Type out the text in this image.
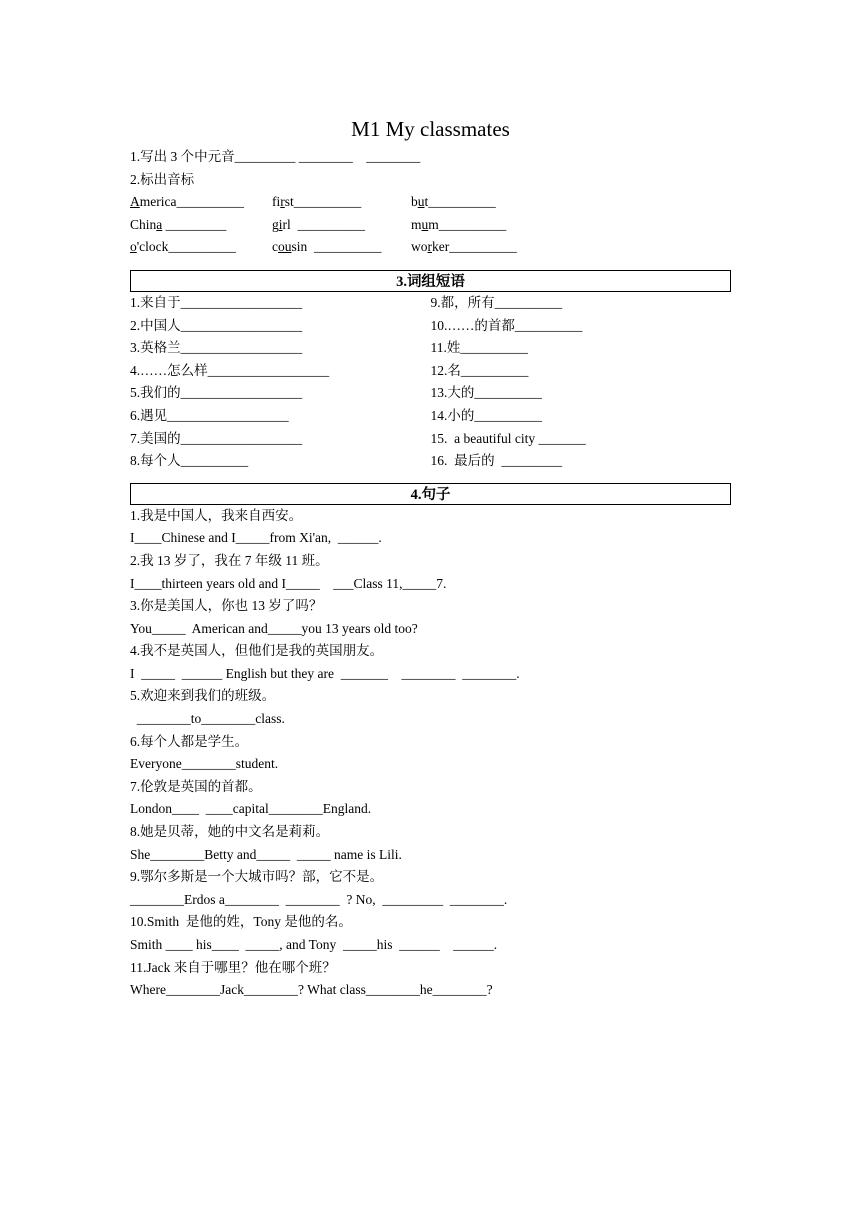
M1 My classmates
1.写出 3 个中元音_________ ________    ________
2.标出音标
America__________	first__________	but__________
China _________	girl  __________	mum__________
o'clock__________	cousin  __________	worker__________
3.词组短语
1.来自于__________________	9.都，所有__________
2.中国人__________________	10.……的首都__________
3.英格兰__________________	11.姓__________
4.……怎么样__________________	12.名__________
5.我们的__________________	13.大的__________
6.遇见__________________	14.小的__________
7.美国的__________________	15.  a beautiful city _______
8.每个人__________	16.  最后的  _________
4.句子
1.我是中国人，我来自西安。
I____Chinese and I_____from Xi'an,  ______.
2.我 13 岁了，我在 7 年级 11 班。
I____thirteen years old and I_____    ___Class 11,_____7.
3.你是美国人，你也 13 岁了吗？
You_____  American and_____you 13 years old too?
4.我不是英国人，但他们是我的英国朋友。
I  _____  ______ English but they are  _______    ________  ________.
5.欢迎来到我们的班级。
________to________class.
6.每个人都是学生。
Everyone________student.
7.伦敦是英国的首都。
London____  ____capital________England.
8.她是贝蒂，她的中文名是莉莉。
She________Betty and_____  _____ name is Lili.
9.鄂尔多斯是一个大城市吗？部，它不是。
________Erdos a________  ________  ? No,  _________  ________.
10.Smith  是他的姓，Tony 是他的名。
Smith ____ his____  _____, and Tony  _____his  ______    ______.
11.Jack 来自于哪里？他在哪个班？
Where________Jack________? What class________he________?
